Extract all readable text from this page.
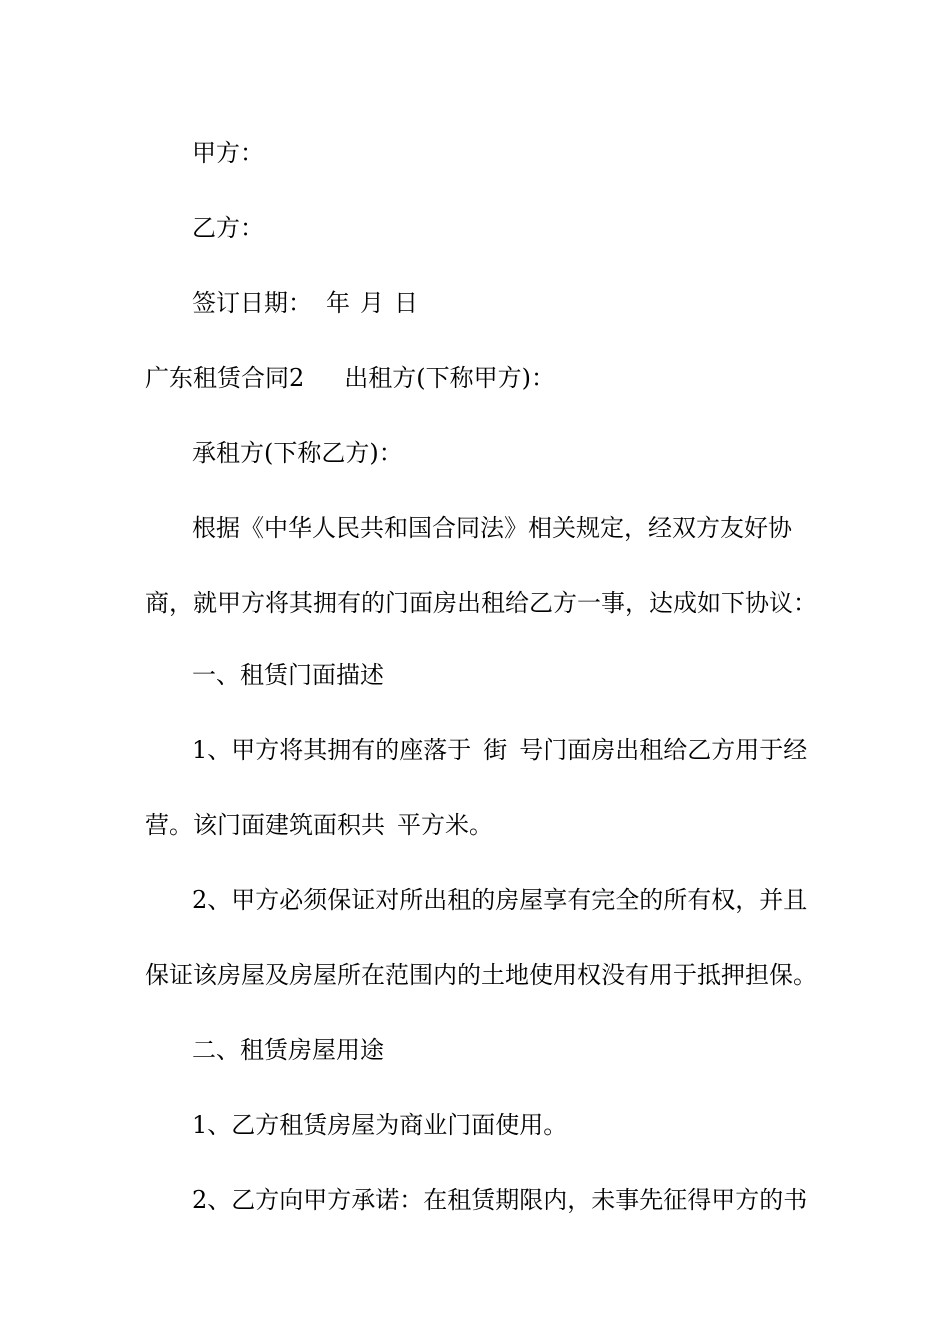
甲方：
乙方：
签订日期： 年 月 日
广东租赁合同2 出租方(下称甲方)：
承租方(下称乙方)：
根据《中华人民共和国合同法》相关规定，经双方友好协
商，就甲方将其拥有的门面房出租给乙方一事，达成如下协议：
一、租赁门面描述
1、甲方将其拥有的座落于 街 号门面房出租给乙方用于经
营。该门面建筑面积共 平方米。
2、甲方必须保证对所出租的房屋享有完全的所有权，并且
保证该房屋及房屋所在范围内的土地使用权没有用于抵押担保。
二、租赁房屋用途
1、乙方租赁房屋为商业门面使用。
2、乙方向甲方承诺：在租赁期限内，未事先征得甲方的书
